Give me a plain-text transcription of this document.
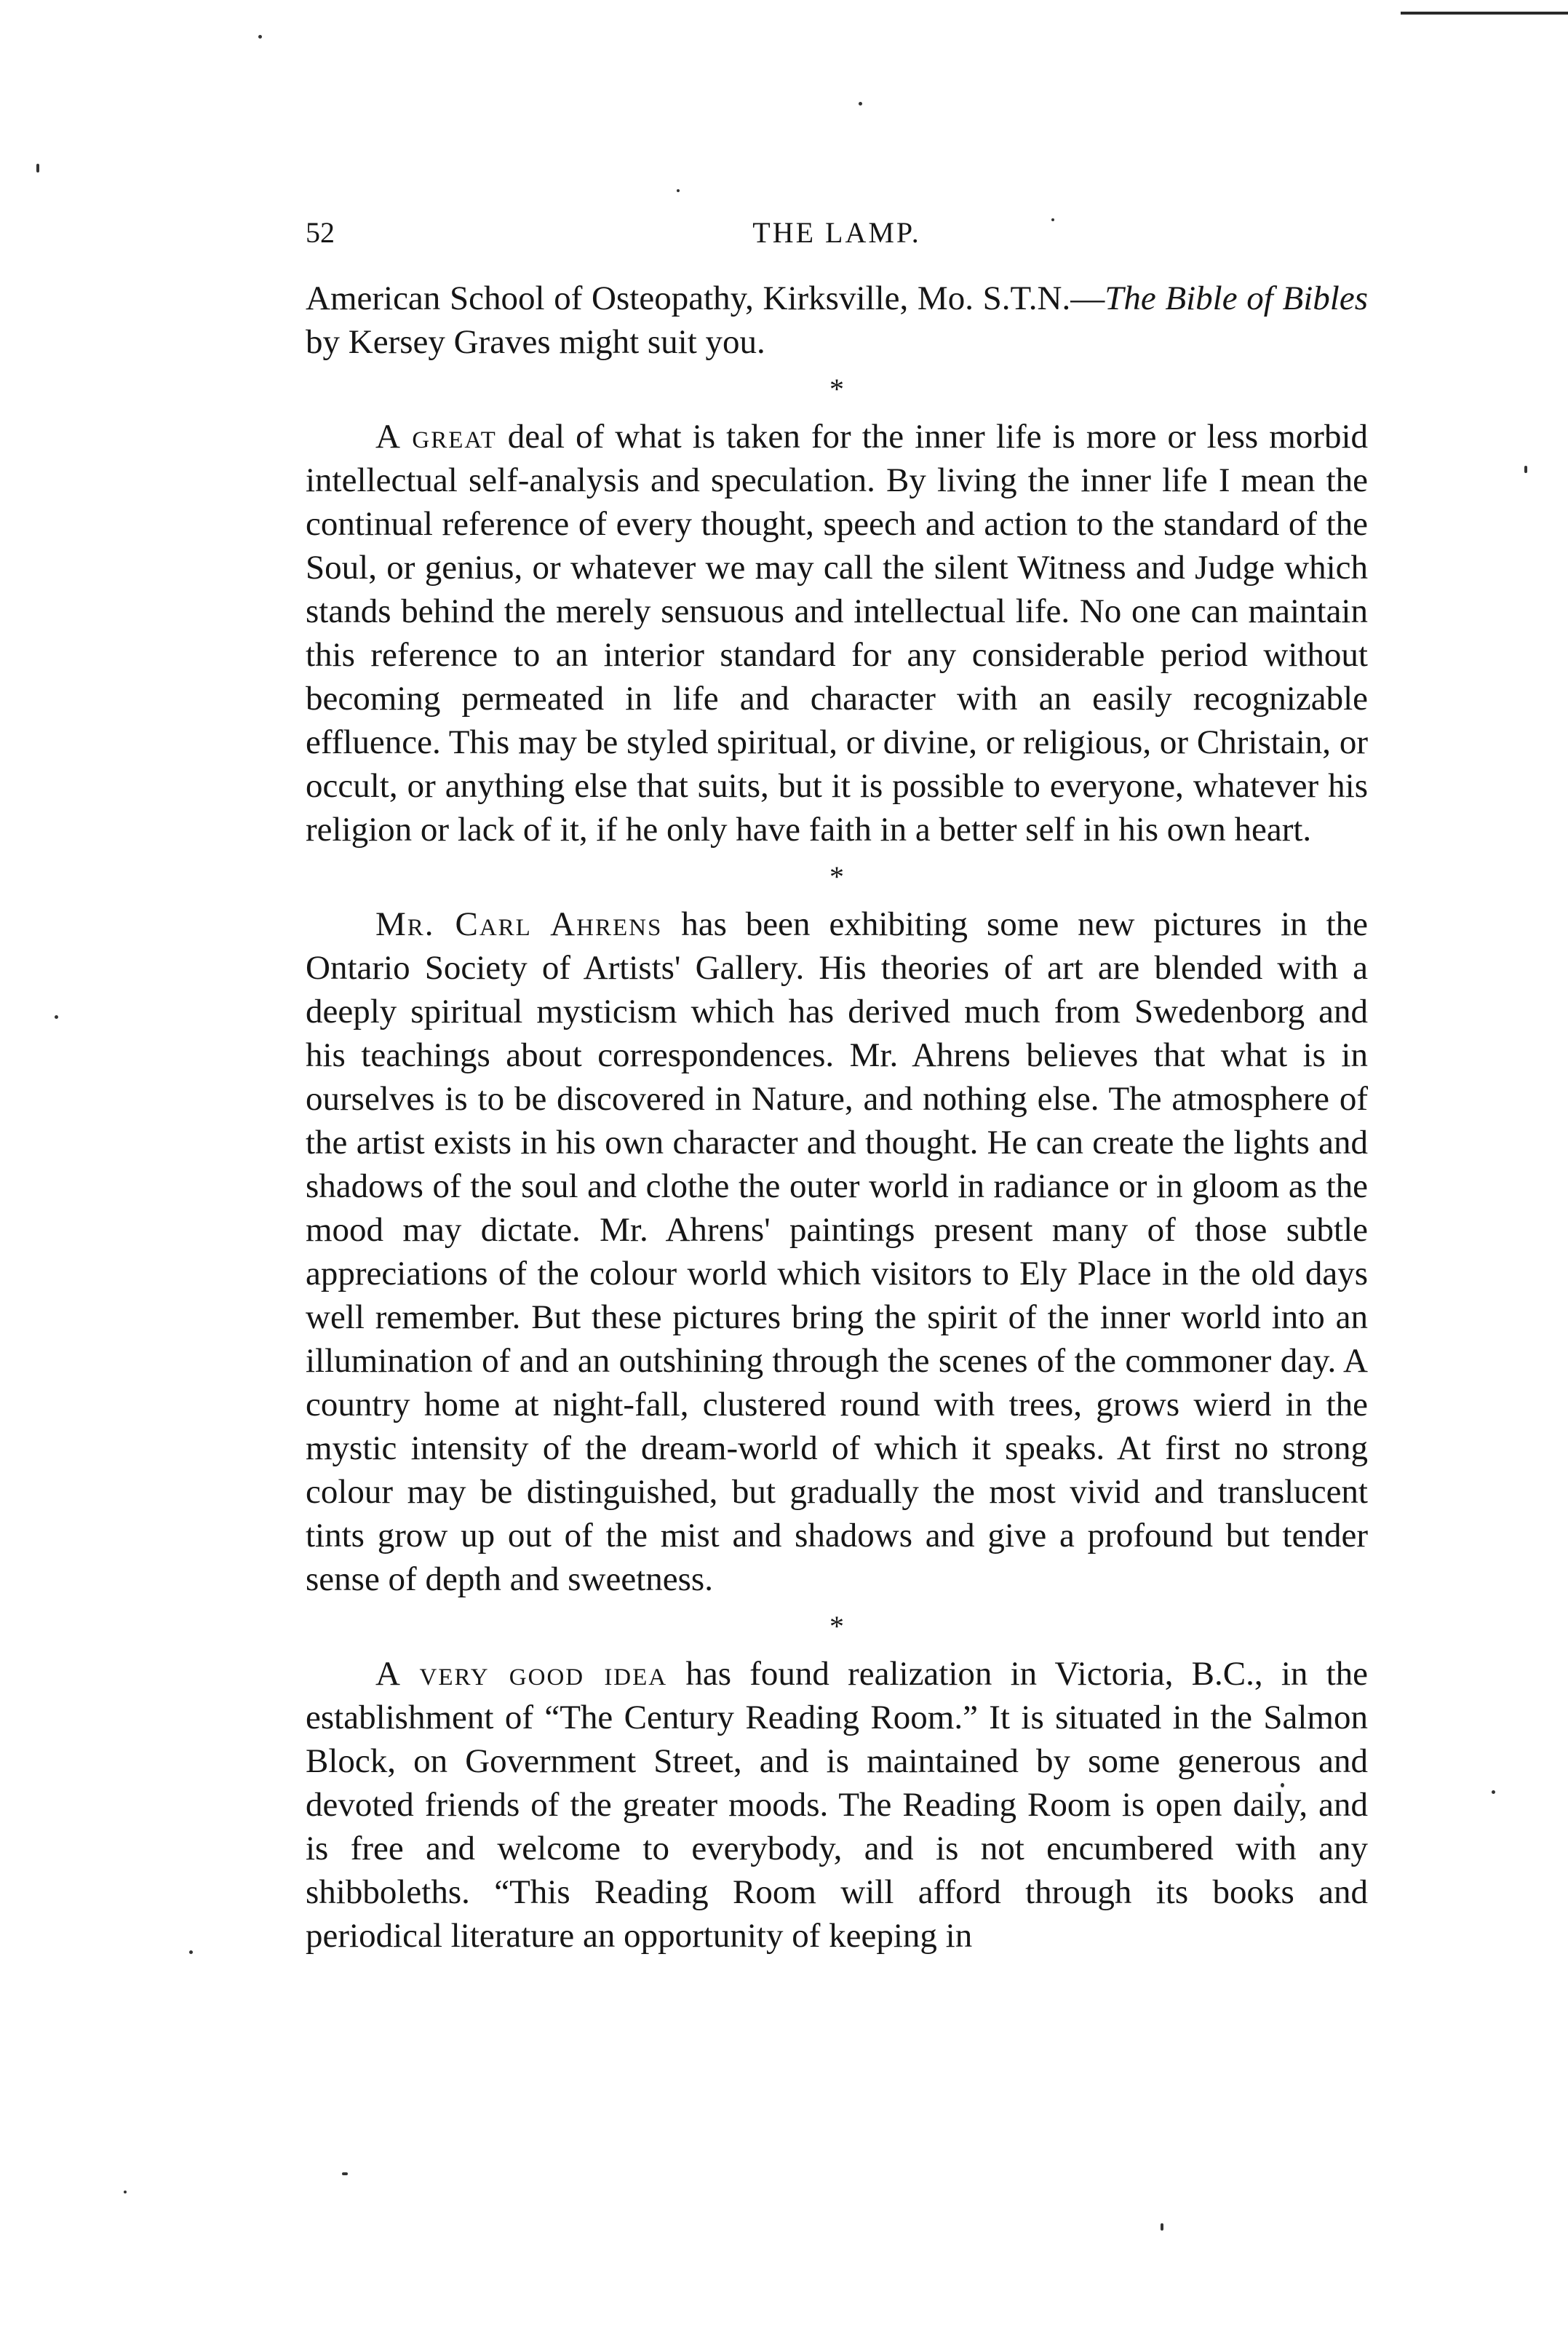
52	THE LAMP.

American School of Osteopathy, Kirksville, Mo. S.T.N.—The Bible of Bibles by Kersey Graves might suit you.

*

A great deal of what is taken for the inner life is more or less morbid intellectual self-analysis and speculation. By living the inner life I mean the continual reference of every thought, speech and action to the standard of the Soul, or genius, or whatever we may call the silent Witness and Judge which stands behind the merely sensuous and intellectual life. No one can maintain this reference to an interior standard for any considerable period without becoming permeated in life and character with an easily recognizable effluence. This may be styled spiritual, or divine, or religious, or Christain, or occult, or anything else that suits, but it is possible to everyone, whatever his religion or lack of it, if he only have faith in a better self in his own heart.

*

Mr. Carl Ahrens has been exhibiting some new pictures in the Ontario Society of Artists' Gallery. His theories of art are blended with a deeply spiritual mysticism which has derived much from Swedenborg and his teachings about correspondences. Mr. Ahrens believes that what is in ourselves is to be discovered in Nature, and nothing else. The atmosphere of the artist exists in his own character and thought. He can create the lights and shadows of the soul and clothe the outer world in radiance or in gloom as the mood may dictate. Mr. Ahrens' paintings present many of those subtle appreciations of the colour world which visitors to Ely Place in the old days well remember. But these pictures bring the spirit of the inner world into an illumination of and an outshining through the scenes of the commoner day. A country home at night-fall, clustered round with trees, grows wierd in the mystic intensity of the dream-world of which it speaks. At first no strong colour may be distinguished, but gradually the most vivid and translucent tints grow up out of the mist and shadows and give a profound but tender sense of depth and sweetness.

*

A very good idea has found realization in Victoria, B.C., in the establishment of “The Century Reading Room.” It is situated in the Salmon Block, on Government Street, and is maintained by some generous and devoted friends of the greater moods. The Reading Room is open daily, and is free and welcome to everybody, and is not encumbered with any shibboleths. “This Reading Room will afford through its books and periodical literature an opportunity of keeping in
